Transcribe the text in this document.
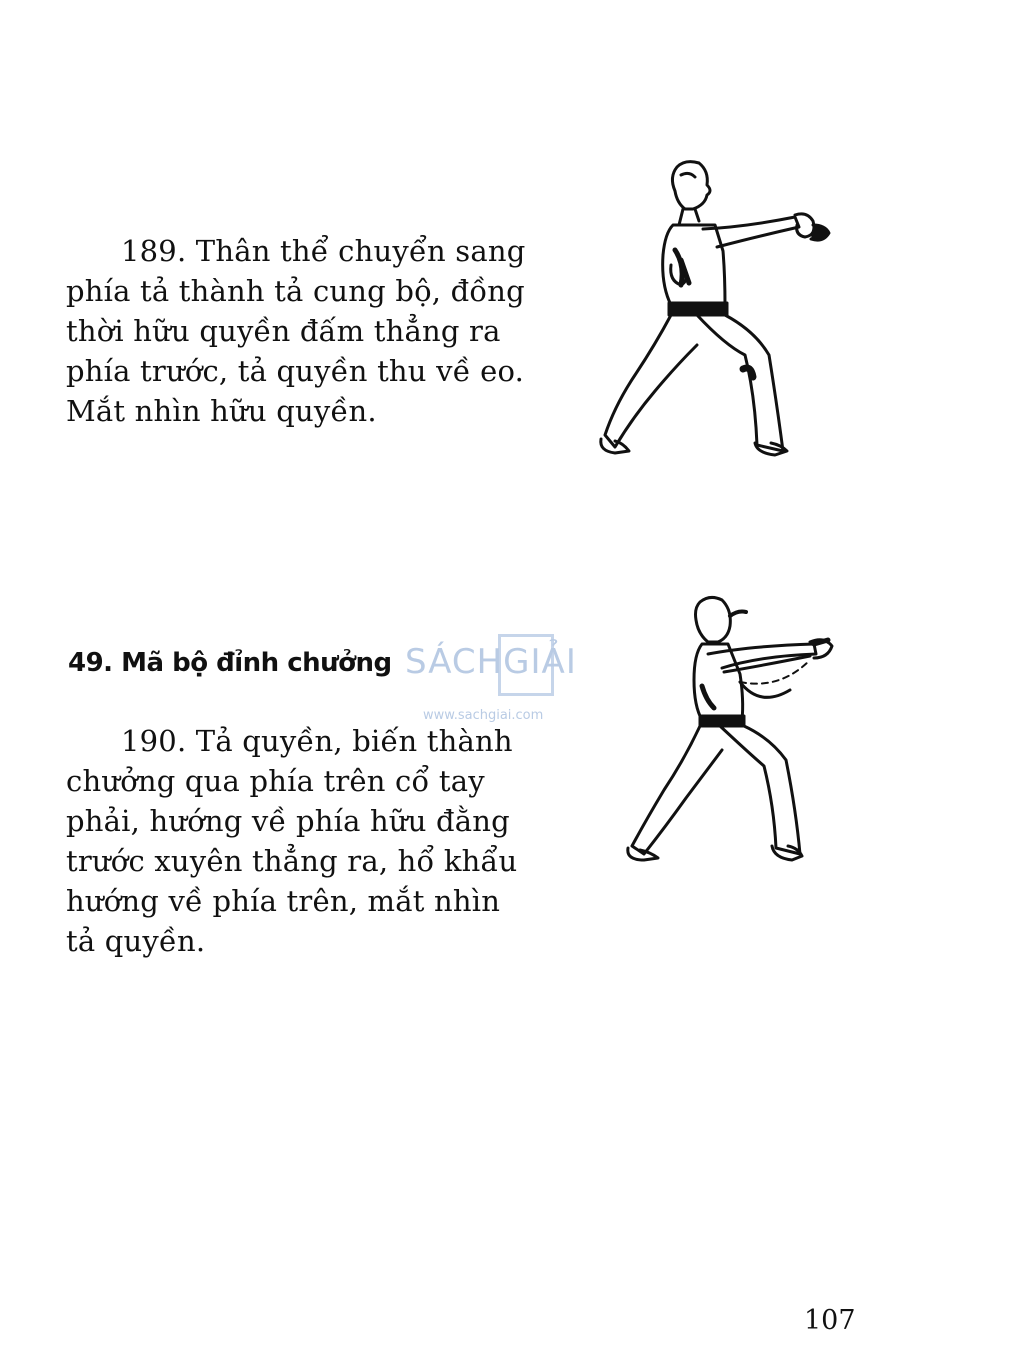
189. Thân thể chuyển sang
phía tả thành tả cung bộ, đồng
thời hữu quyền đấm thẳng ra
phía trước, tả quyền thu về eo.
Mắt nhìn hữu quyền.
49. Mã bộ đỉnh chưởng SÁCHGIẢI
www.sachgiai.com
190. Tả quyền, biến thành
chưởng qua phía trên cổ tay
phải, hướng về phía hữu đằng
trước xuyên thẳng ra, hổ khẩu
hướng về phía trên, mắt nhìn
tả quyền.
107
